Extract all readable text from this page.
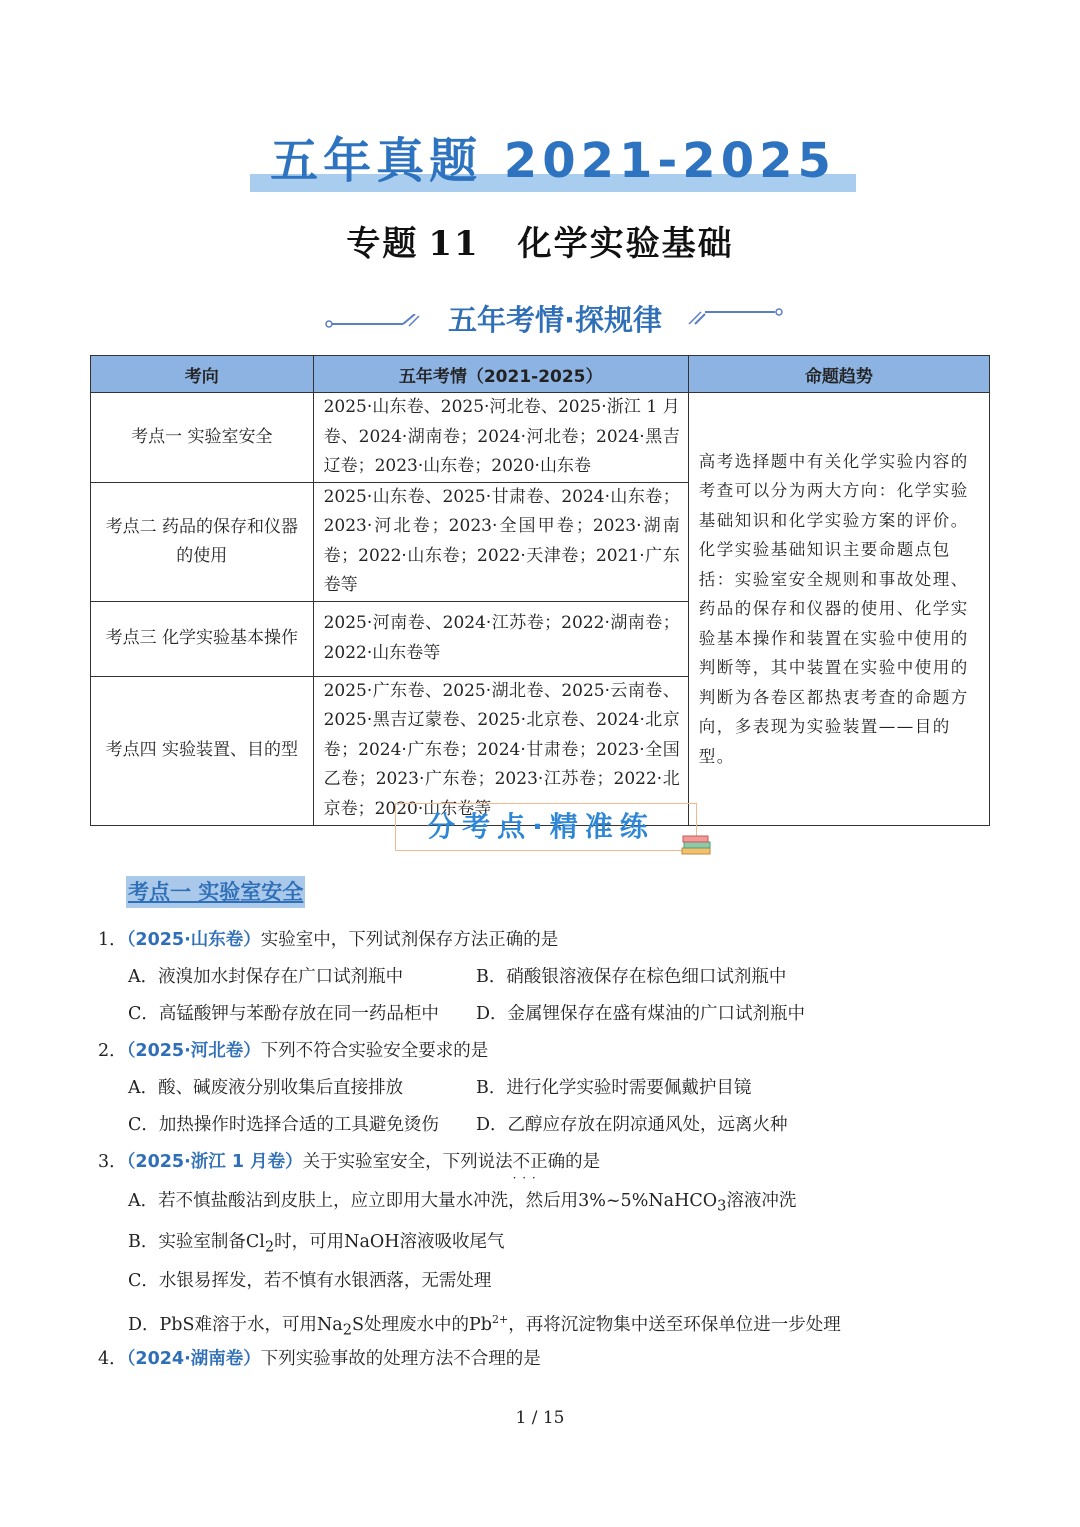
五年真题 2021-2025
专题 11 化学实验基础
五年考情·探规律
考向	五年考情（2021-2025）	命题趋势
考点一 实验室安全	2025·山东卷、2025·河北卷、2025·浙江 1 月卷、2024·湖南卷；2024·河北卷；2024·黑吉辽卷；2023·山东卷；2020·山东卷	高考选择题中有关化学实验内容的考查可以分为两大方向：化学实验基础知识和化学实验方案的评价。化学实验基础知识主要命题点包括：实验室安全规则和事故处理、药品的保存和仪器的使用、化学实验基本操作和装置在实验中使用的判断等，其中装置在实验中使用的判断为各卷区都热衷考查的命题方向，多表现为实验装置——目的型。
考点二 药品的保存和仪器的使用	2025·山东卷、2025·甘肃卷、2024·山东卷；2023·河北卷；2023·全国甲卷；2023·湖南卷；2022·山东卷；2022·天津卷；2021·广东卷等	
考点三 化学实验基本操作	2025·河南卷、2024·江苏卷；2022·湖南卷；2022·山东卷等	
考点四 实验装置、目的型	2025·广东卷、2025·湖北卷、2025·云南卷、2025·黑吉辽蒙卷、2025·北京卷、2024·北京卷；2024·广东卷；2024·甘肃卷；2023·全国乙卷；2023·广东卷；2023·江苏卷；2022·北京卷；2020·山东卷等	
分考点·精准练
考点一 实验室安全
1．（2025·山东卷）实验室中，下列试剂保存方法正确的是
A．液溴加水封保存在广口试剂瓶中	B．硝酸银溶液保存在棕色细口试剂瓶中
C．高锰酸钾与苯酚存放在同一药品柜中 D．金属锂保存在盛有煤油的广口试剂瓶中
2．（2025·河北卷）下列不符合实验安全要求的是
A．酸、碱废液分别收集后直接排放	B．进行化学实验时需要佩戴护目镜
C．加热操作时选择合适的工具避免烫伤 D．乙醇应存放在阴凉通风处，远离火种
3．（2025·浙江 1 月卷）关于实验室安全，下列说法不正确 · · ·的是
A．若不慎盐酸沾到皮肤上，应立即用大量水冲洗，然后用3%~5%NaHCO$_3$溶液冲洗
B．实验室制备$Cl_2$时，可用NaOH溶液吸收尾气
C．水银易挥发，若不慎有水银洒落，无需处理
D．PbS难溶于水，可用$Na_2S$处理废水中的$Pb^{2+}$，再将沉淀物集中送至环保单位进一步处理
4．（2024·湖南卷）下列实验事故的处理方法不合理的是
1 / 15
